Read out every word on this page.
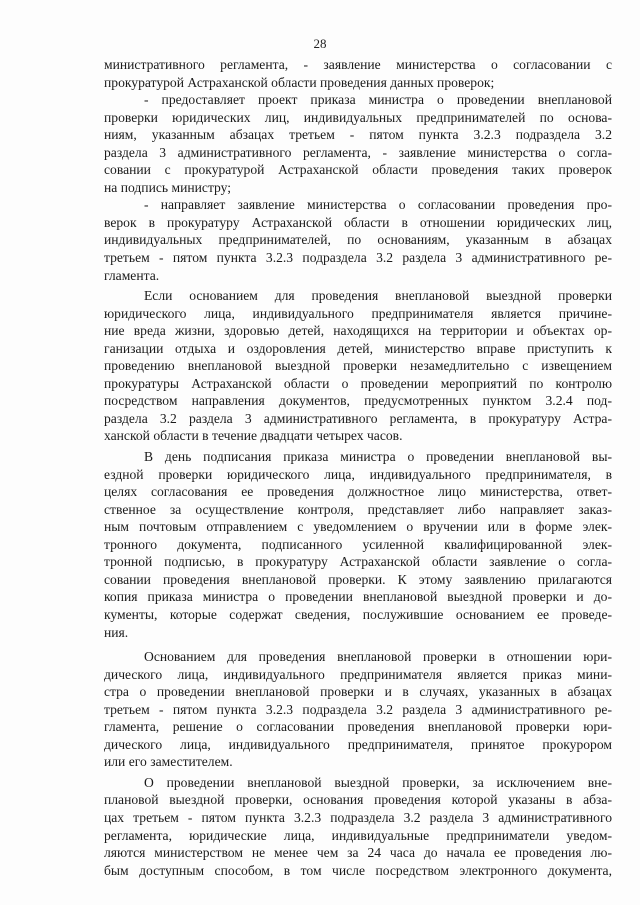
28
министративного регламента, - заявление министерства о согласовании с
прокуратурой Астраханской области проведения данных проверок;
- предоставляет проект приказа министра о проведении внеплановой
проверки юридических лиц, индивидуальных предпринимателей по основа-
ниям, указанным абзацах третьем - пятом пункта 3.2.3 подраздела 3.2
раздела 3 административного регламента, - заявление министерства о согла-
совании с прокуратурой Астраханской области проведения таких проверок
на подпись министру;
- направляет заявление министерства о согласовании проведения про-
верок в прокуратуру Астраханской области в отношении юридических лиц,
индивидуальных предпринимателей, по основаниям, указанным в абзацах
третьем - пятом пункта 3.2.3 подраздела 3.2 раздела 3 административного ре-
гламента.
Если основанием для проведения внеплановой выездной проверки
юридического лица, индивидуального предпринимателя является причине-
ние вреда жизни, здоровью детей, находящихся на территории и объектах ор-
ганизации отдыха и оздоровления детей, министерство вправе приступить к
проведению внеплановой выездной проверки незамедлительно с извещением
прокуратуры Астраханской области о проведении мероприятий по контролю
посредством направления документов, предусмотренных пунктом 3.2.4 под-
раздела 3.2 раздела 3 административного регламента, в прокуратуру Астра-
ханской области в течение двадцати четырех часов.
В день подписания приказа министра о проведении внеплановой вы-
ездной проверки юридического лица, индивидуального предпринимателя, в
целях согласования ее проведения должностное лицо министерства, ответ-
ственное за осуществление контроля, представляет либо направляет заказ-
ным почтовым отправлением с уведомлением о вручении или в форме элек-
тронного документа, подписанного усиленной квалифицированной элек-
тронной подписью, в прокуратуру Астраханской области заявление о согла-
совании проведения внеплановой проверки. К этому заявлению прилагаются
копия приказа министра о проведении внеплановой выездной проверки и до-
кументы, которые содержат сведения, послужившие основанием ее проведе-
ния.
Основанием для проведения внеплановой проверки в отношении юри-
дического лица, индивидуального предпринимателя является приказ мини-
стра о проведении внеплановой проверки и в случаях, указанных в абзацах
третьем - пятом пункта 3.2.3 подраздела 3.2 раздела 3 административного ре-
гламента, решение о согласовании проведения внеплановой проверки юри-
дического лица, индивидуального предпринимателя, принятое прокурором
или его заместителем.
О проведении внеплановой выездной проверки, за исключением вне-
плановой выездной проверки, основания проведения которой указаны в абза-
цах третьем - пятом пункта 3.2.3 подраздела 3.2 раздела 3 административного
регламента, юридические лица, индивидуальные предприниматели уведом-
ляются министерством не менее чем за 24 часа до начала ее проведения лю-
бым доступным способом, в том числе посредством электронного документа,
